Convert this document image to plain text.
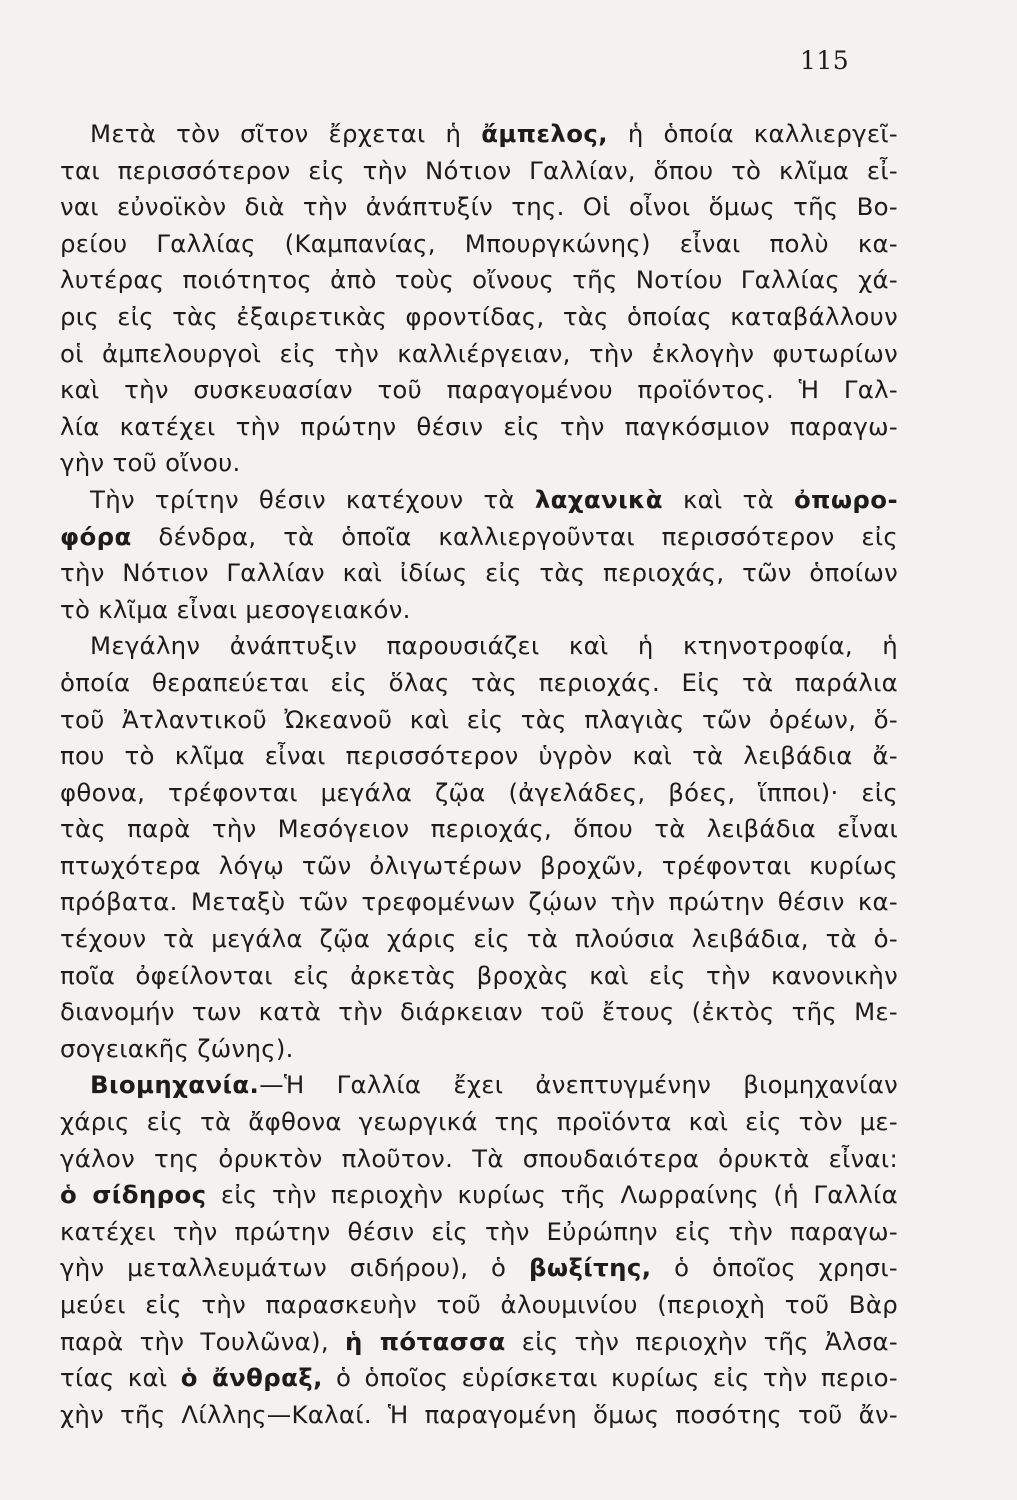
115
Μετὰ τὸν σῖτον ἔρχεται ἡ ἄμπελος, ἡ ὁποία καλλιεργεῖ-
ται περισσότερον εἰς τὴν Νότιον Γαλλίαν, ὅπου τὸ κλῖμα εἶ-
ναι εὐνοϊκὸν διὰ τὴν ἀνάπτυξίν της. Οἱ οἶνοι ὅμως τῆς Βο-
ρείου Γαλλίας (Καμπανίας, Μπουργκώνης) εἶναι πολὺ κα-
λυτέρας ποιότητος ἀπὸ τοὺς οἴνους τῆς Νοτίου Γαλλίας χά-
ρις εἰς τὰς ἐξαιρετικὰς φροντίδας, τὰς ὁποίας καταβάλλουν
οἱ ἀμπελουργοὶ εἰς τὴν καλλιέργειαν, τὴν ἐκλογὴν φυτωρίων
καὶ τὴν συσκευασίαν τοῦ παραγομένου προϊόντος. Ἡ Γαλ-
λία κατέχει τὴν πρώτην θέσιν εἰς τὴν παγκόσμιον παραγω-
γὴν τοῦ οἴνου.
Τὴν τρίτην θέσιν κατέχουν τὰ λαχανικὰ καὶ τὰ ὀπωρο-
φόρα δένδρα, τὰ ὁποῖα καλλιεργοῦνται περισσότερον εἰς
τὴν Νότιον Γαλλίαν καὶ ἰδίως εἰς τὰς περιοχάς, τῶν ὁποίων
τὸ κλῖμα εἶναι μεσογειακόν.
Μεγάλην ἀνάπτυξιν παρουσιάζει καὶ ἡ κτηνοτροφία, ἡ
ὁποία θεραπεύεται εἰς ὅλας τὰς περιοχάς. Εἰς τὰ παράλια
τοῦ Ἀτλαντικοῦ Ὠκεανοῦ καὶ εἰς τὰς πλαγιὰς τῶν ὀρέων, ὅ-
που τὸ κλῖμα εἶναι περισσότερον ὑγρὸν καὶ τὰ λειβάδια ἄ-
φθονα, τρέφονται μεγάλα ζῷα (ἀγελάδες, βόες, ἵπποι)· εἰς
τὰς παρὰ τὴν Μεσόγειον περιοχάς, ὅπου τὰ λειβάδια εἶναι
πτωχότερα λόγῳ τῶν ὀλιγωτέρων βροχῶν, τρέφονται κυρίως
πρόβατα. Μεταξὺ τῶν τρεφομένων ζῴων τὴν πρώτην θέσιν κα-
τέχουν τὰ μεγάλα ζῷα χάρις εἰς τὰ πλούσια λειβάδια, τὰ ὁ-
ποῖα ὀφείλονται εἰς ἀρκετὰς βροχὰς καὶ εἰς τὴν κανονικὴν
διανομήν των κατὰ τὴν διάρκειαν τοῦ ἔτους (ἐκτὸς τῆς Με-
σογειακῆς ζώνης).
Βιομηχανία.—Ἡ Γαλλία ἔχει ἀνεπτυγμένην βιομηχανίαν
χάρις εἰς τὰ ἄφθονα γεωργικά της προϊόντα καὶ εἰς τὸν με-
γάλον της ὀρυκτὸν πλοῦτον. Τὰ σπουδαιότερα ὀρυκτὰ εἶναι:
ὁ σίδηρος εἰς τὴν περιοχὴν κυρίως τῆς Λωρραίνης (ἡ Γαλλία
κατέχει τὴν πρώτην θέσιν εἰς τὴν Εὐρώπην εἰς τὴν παραγω-
γὴν μεταλλευμάτων σιδήρου), ὁ βωξίτης, ὁ ὁποῖος χρησι-
μεύει εἰς τὴν παρασκευὴν τοῦ ἀλουμινίου (περιοχὴ τοῦ Βὰρ
παρὰ τὴν Τουλῶνα), ἡ πότασσα εἰς τὴν περιοχὴν τῆς Ἀλσα-
τίας καὶ ὁ ἄνθραξ, ὁ ὁποῖος εὑρίσκεται κυρίως εἰς τὴν περιο-
χὴν τῆς Λίλλης—Καλαί. Ἡ παραγομένη ὅμως ποσότης τοῦ ἄν-
